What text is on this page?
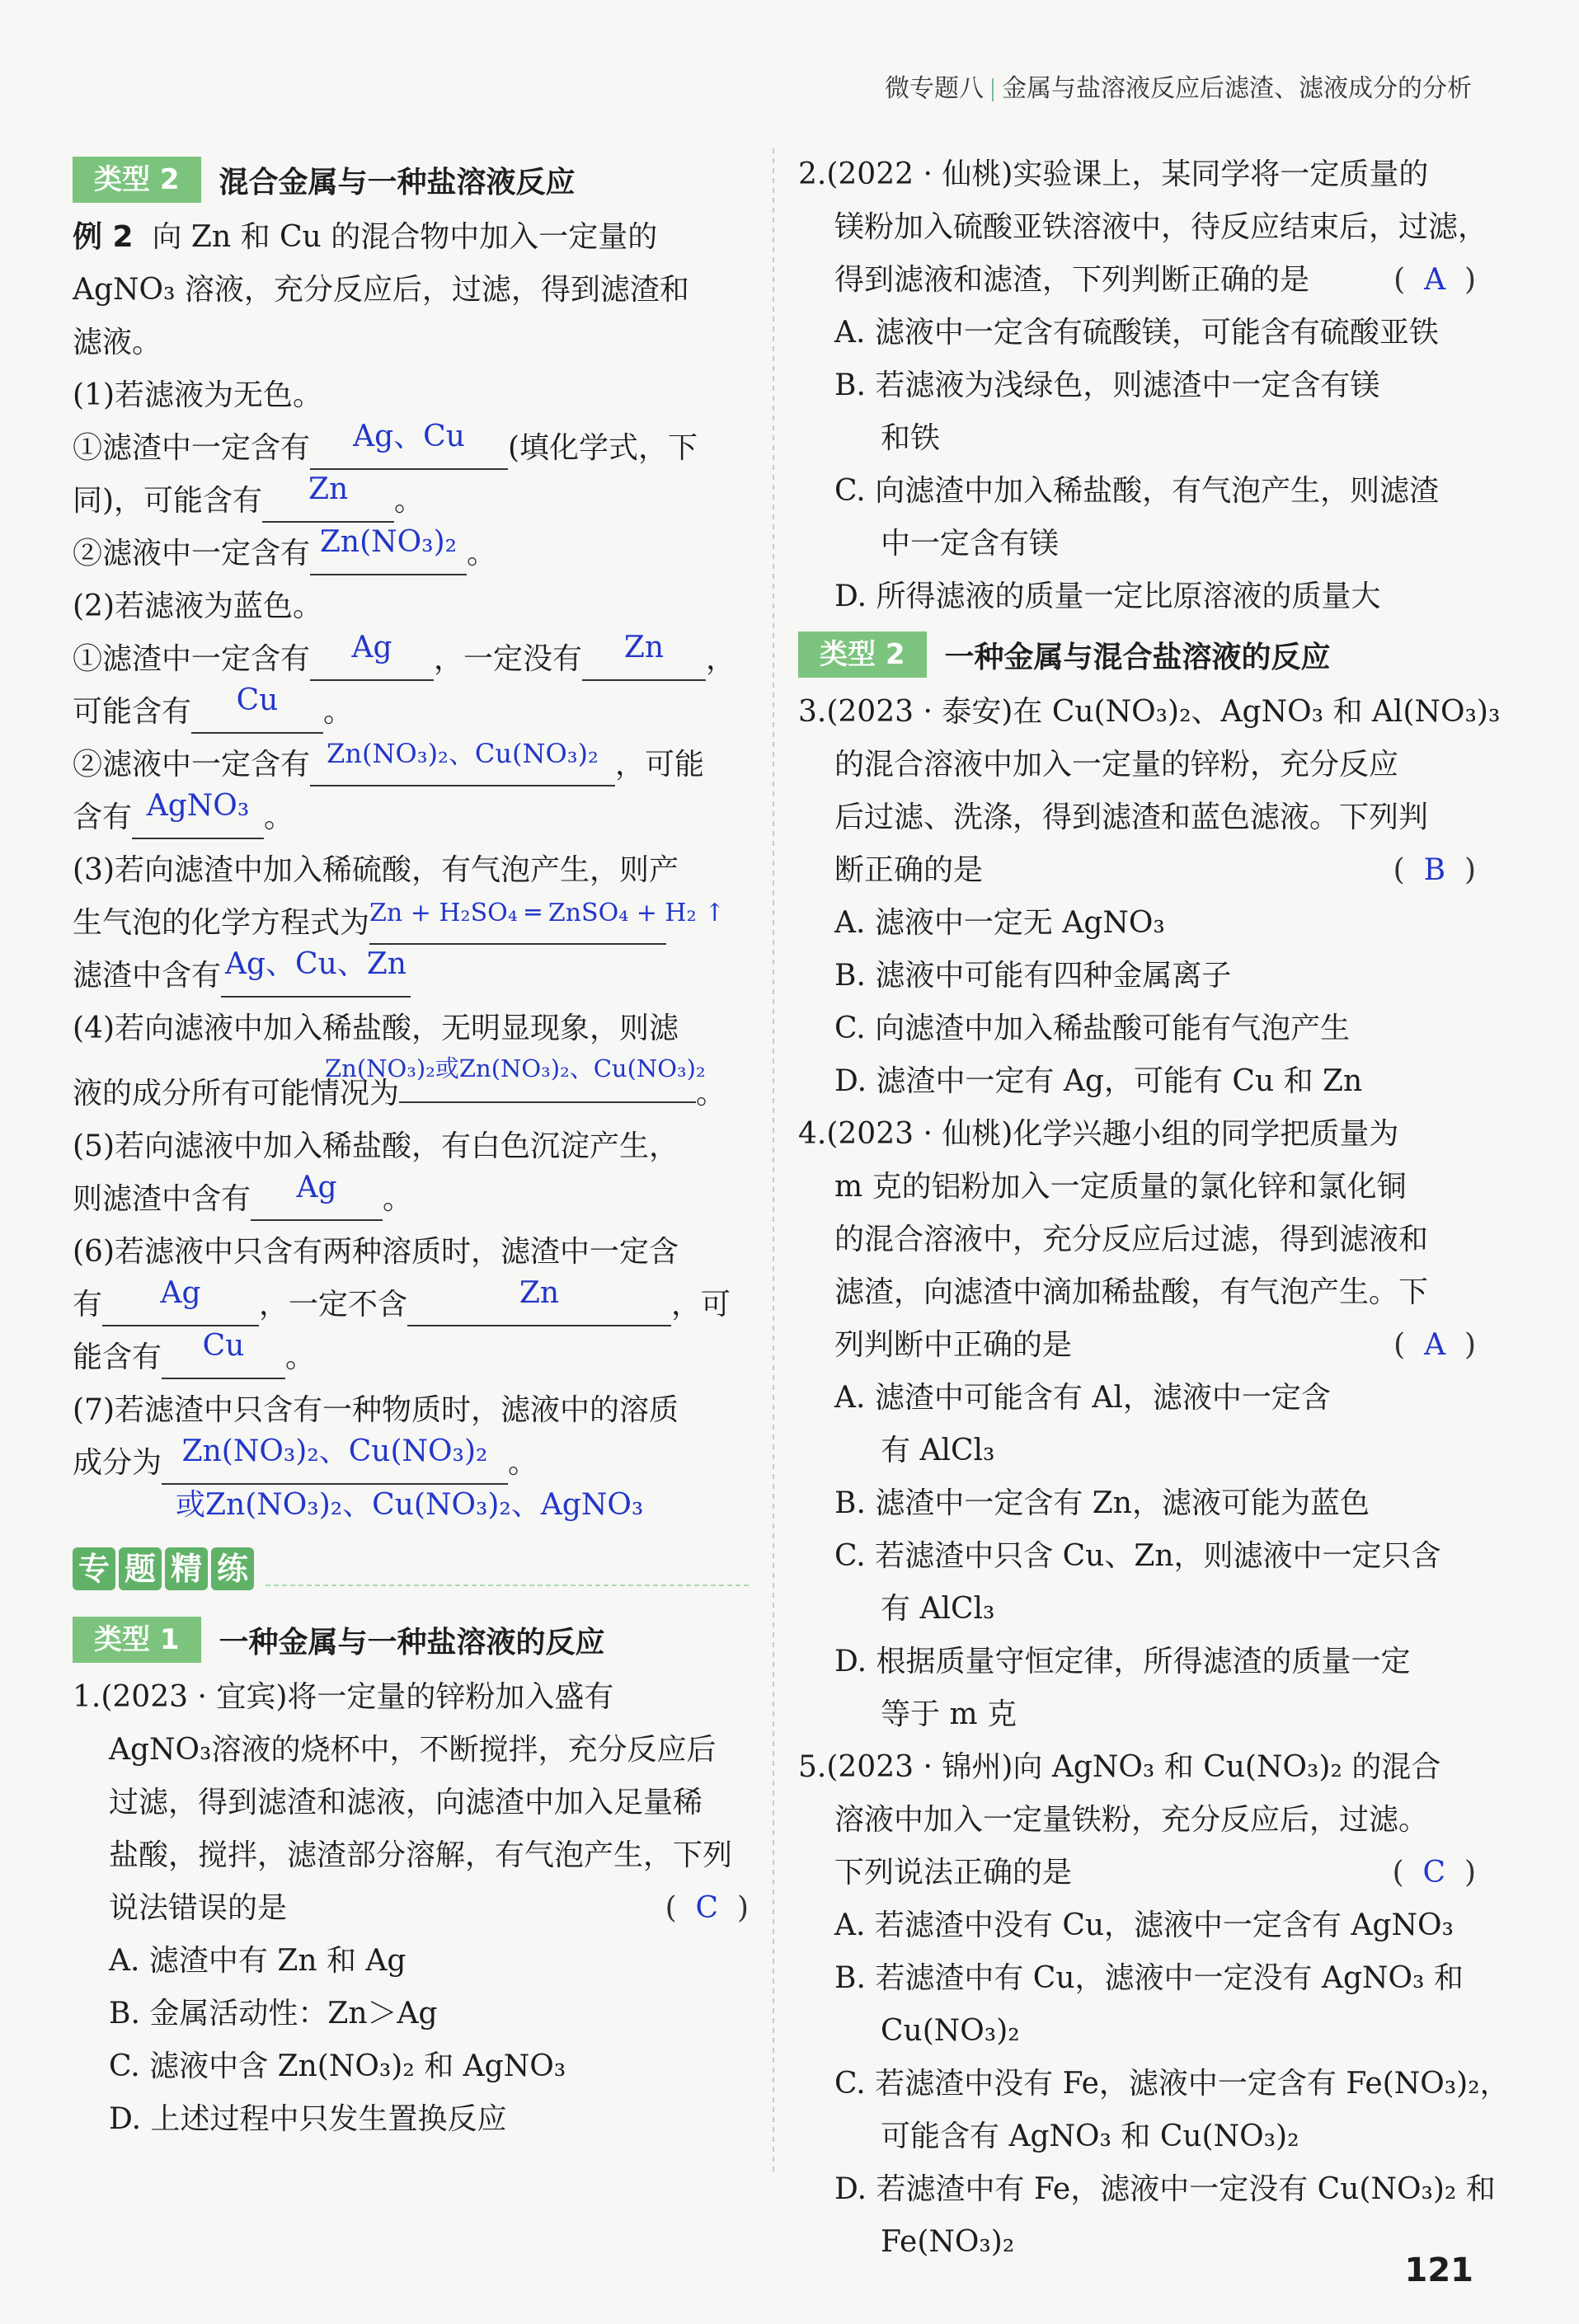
微专题八 金属与盐溶液反应后滤渣、滤液成分的分析
类型 2	混合金属与一种盐溶液反应
例 2 向 Zn 和 Cu 的混合物中加入一定量的
AgNO₃ 溶液，充分反应后，过滤，得到滤渣和
滤液。
(1)若滤液为无色。
①滤渣中一定含有 Ag、Cu (填化学式，下
同)，可能含有 Zn 。
②滤液中一定含有 Zn(NO₃)₂ 。
(2)若滤液为蓝色。
①滤渣中一定含有 Ag ，一定没有 Zn ，
可能含有 Cu 。
②滤液中一定含有 Zn(NO₃)₂、Cu(NO₃)₂ ，可能
含有 AgNO₃ 。
(3)若向滤渣中加入稀硫酸，有气泡产生，则产
生气泡的化学方程式为$^{Zn + H_2SO_4 ═ ZnSO_4 + H_2 ↑}$
滤渣中含有 Ag、Cu、Zn
(4)若向滤液中加入稀盐酸，无明显现象，则滤
液的成分所有可能情况为
Zn(NO₃)₂或Zn(NO₃)₂、Cu(NO₃)₂
。
(5)若向滤液中加入稀盐酸，有白色沉淀产生，
则滤渣中含有 Ag 。
(6)若滤液中只含有两种溶质时，滤渣中一定含
有 Ag ，一定不含	Zn	，可
能含有 Cu 。
(7)若滤渣中只含有一种物质时，滤液中的溶质
成分为 Zn(NO₃)₂、Cu(NO₃)₂ 。
或Zn(NO₃)₂、Cu(NO₃)₂、AgNO₃
专 题 精 练
类型 1	一种金属与一种盐溶液的反应
1.(2023 · 宜宾)将一定量的锌粉加入盛有
AgNO₃溶液的烧杯中，不断搅拌，充分反应后
过滤，得到滤渣和滤液，向滤渣中加入足量稀
盐酸，搅拌，滤渣部分溶解，有气泡产生，下列
说法错误的是	(  C  )
A. 滤渣中有 Zn 和 Ag
B. 金属活动性：Zn＞Ag
C. 滤液中含 Zn(NO₃)₂ 和 AgNO₃
D. 上述过程中只发生置换反应
2.(2022 · 仙桃)实验课上，某同学将一定质量的
镁粉加入硫酸亚铁溶液中，待反应结束后，过滤，
得到滤液和滤渣，下列判断正确的是	(  A  )
A. 滤液中一定含有硫酸镁，可能含有硫酸亚铁
B. 若滤液为浅绿色，则滤渣中一定含有镁
和铁
C. 向滤渣中加入稀盐酸，有气泡产生，则滤渣
中一定含有镁
D. 所得滤液的质量一定比原溶液的质量大
类型 2	一种金属与混合盐溶液的反应
3.(2023 · 泰安)在 Cu(NO₃)₂、AgNO₃ 和 Al(NO₃)₃
的混合溶液中加入一定量的锌粉，充分反应
后过滤、洗涤，得到滤渣和蓝色滤液。下列判
断正确的是	(  B  )
A. 滤液中一定无 AgNO₃
B. 滤液中可能有四种金属离子
C. 向滤渣中加入稀盐酸可能有气泡产生
D. 滤渣中一定有 Ag，可能有 Cu 和 Zn
4.(2023 · 仙桃)化学兴趣小组的同学把质量为
m 克的铝粉加入一定质量的氯化锌和氯化铜
的混合溶液中，充分反应后过滤，得到滤液和
滤渣，向滤渣中滴加稀盐酸，有气泡产生。下
列判断中正确的是	(  A  )
A. 滤渣中可能含有 Al，滤液中一定含
有 AlCl₃
B. 滤渣中一定含有 Zn，滤液可能为蓝色
C. 若滤渣中只含 Cu、Zn，则滤液中一定只含
有 AlCl₃
D. 根据质量守恒定律，所得滤渣的质量一定
等于 m 克
5.(2023 · 锦州)向 AgNO₃ 和 Cu(NO₃)₂ 的混合
溶液中加入一定量铁粉，充分反应后，过滤。
下列说法正确的是	(  C  )
A. 若滤渣中没有 Cu，滤液中一定含有 AgNO₃
B. 若滤渣中有 Cu，滤液中一定没有 AgNO₃ 和
Cu(NO₃)₂
C. 若滤渣中没有 Fe，滤液中一定含有 Fe(NO₃)₂，
可能含有 AgNO₃ 和 Cu(NO₃)₂
D. 若滤渣中有 Fe，滤液中一定没有 Cu(NO₃)₂ 和
Fe(NO₃)₂
121
